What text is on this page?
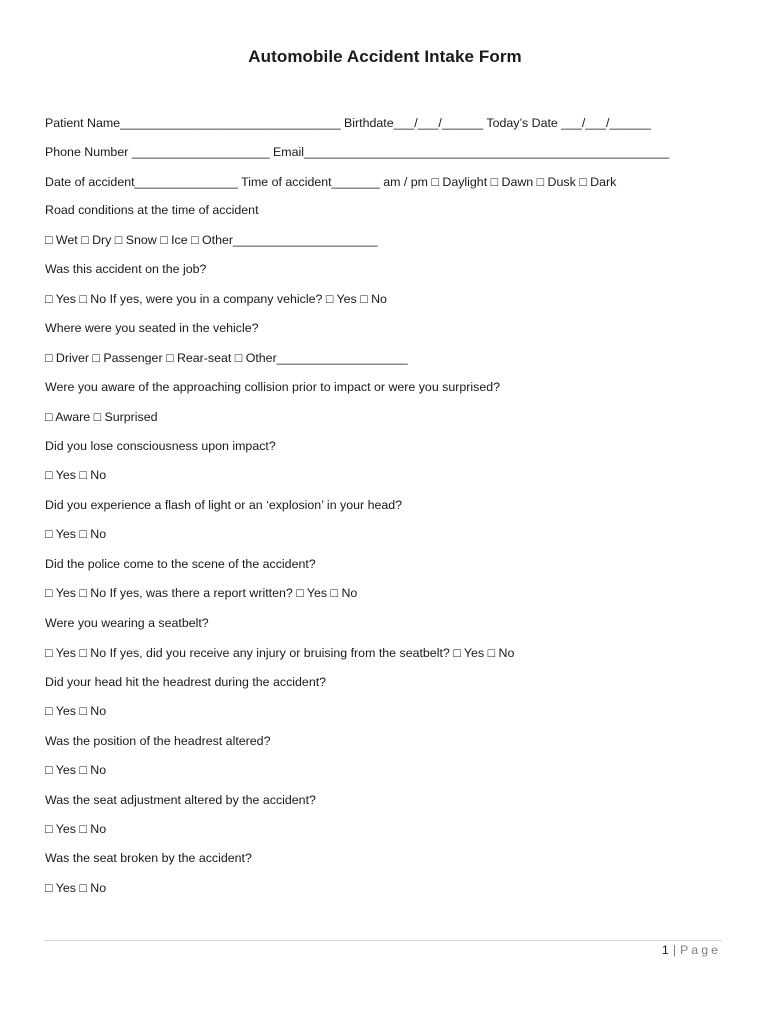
Automobile Accident Intake Form
Patient Name________________________________ Birthdate___/___/______ Today’s Date ___/___/______
Phone Number ____________________ Email_____________________________________________________
Date of accident_______________ Time of accident_______ am / pm □ Daylight □ Dawn □ Dusk □ Dark
Road conditions at the time of accident
□ Wet □ Dry □ Snow □ Ice □ Other_____________________
Was this accident on the job?
□ Yes □ No If yes, were you in a company vehicle? □ Yes □ No
Where were you seated in the vehicle?
□ Driver □ Passenger □ Rear-seat □ Other___________________
Were you aware of the approaching collision prior to impact or were you surprised?
□ Aware □ Surprised
Did you lose consciousness upon impact?
□ Yes □ No
Did you experience a flash of light or an ‘explosion’ in your head?
□ Yes □ No
Did the police come to the scene of the accident?
□ Yes □ No If yes, was there a report written? □ Yes □ No
Were you wearing a seatbelt?
□ Yes □ No If yes, did you receive any injury or bruising from the seatbelt? □ Yes □ No
Did your head hit the headrest during the accident?
□ Yes □ No
Was the position of the headrest altered?
□ Yes □ No
Was the seat adjustment altered by the accident?
□ Yes □ No
Was the seat broken by the accident?
□ Yes □ No
1 | Page
